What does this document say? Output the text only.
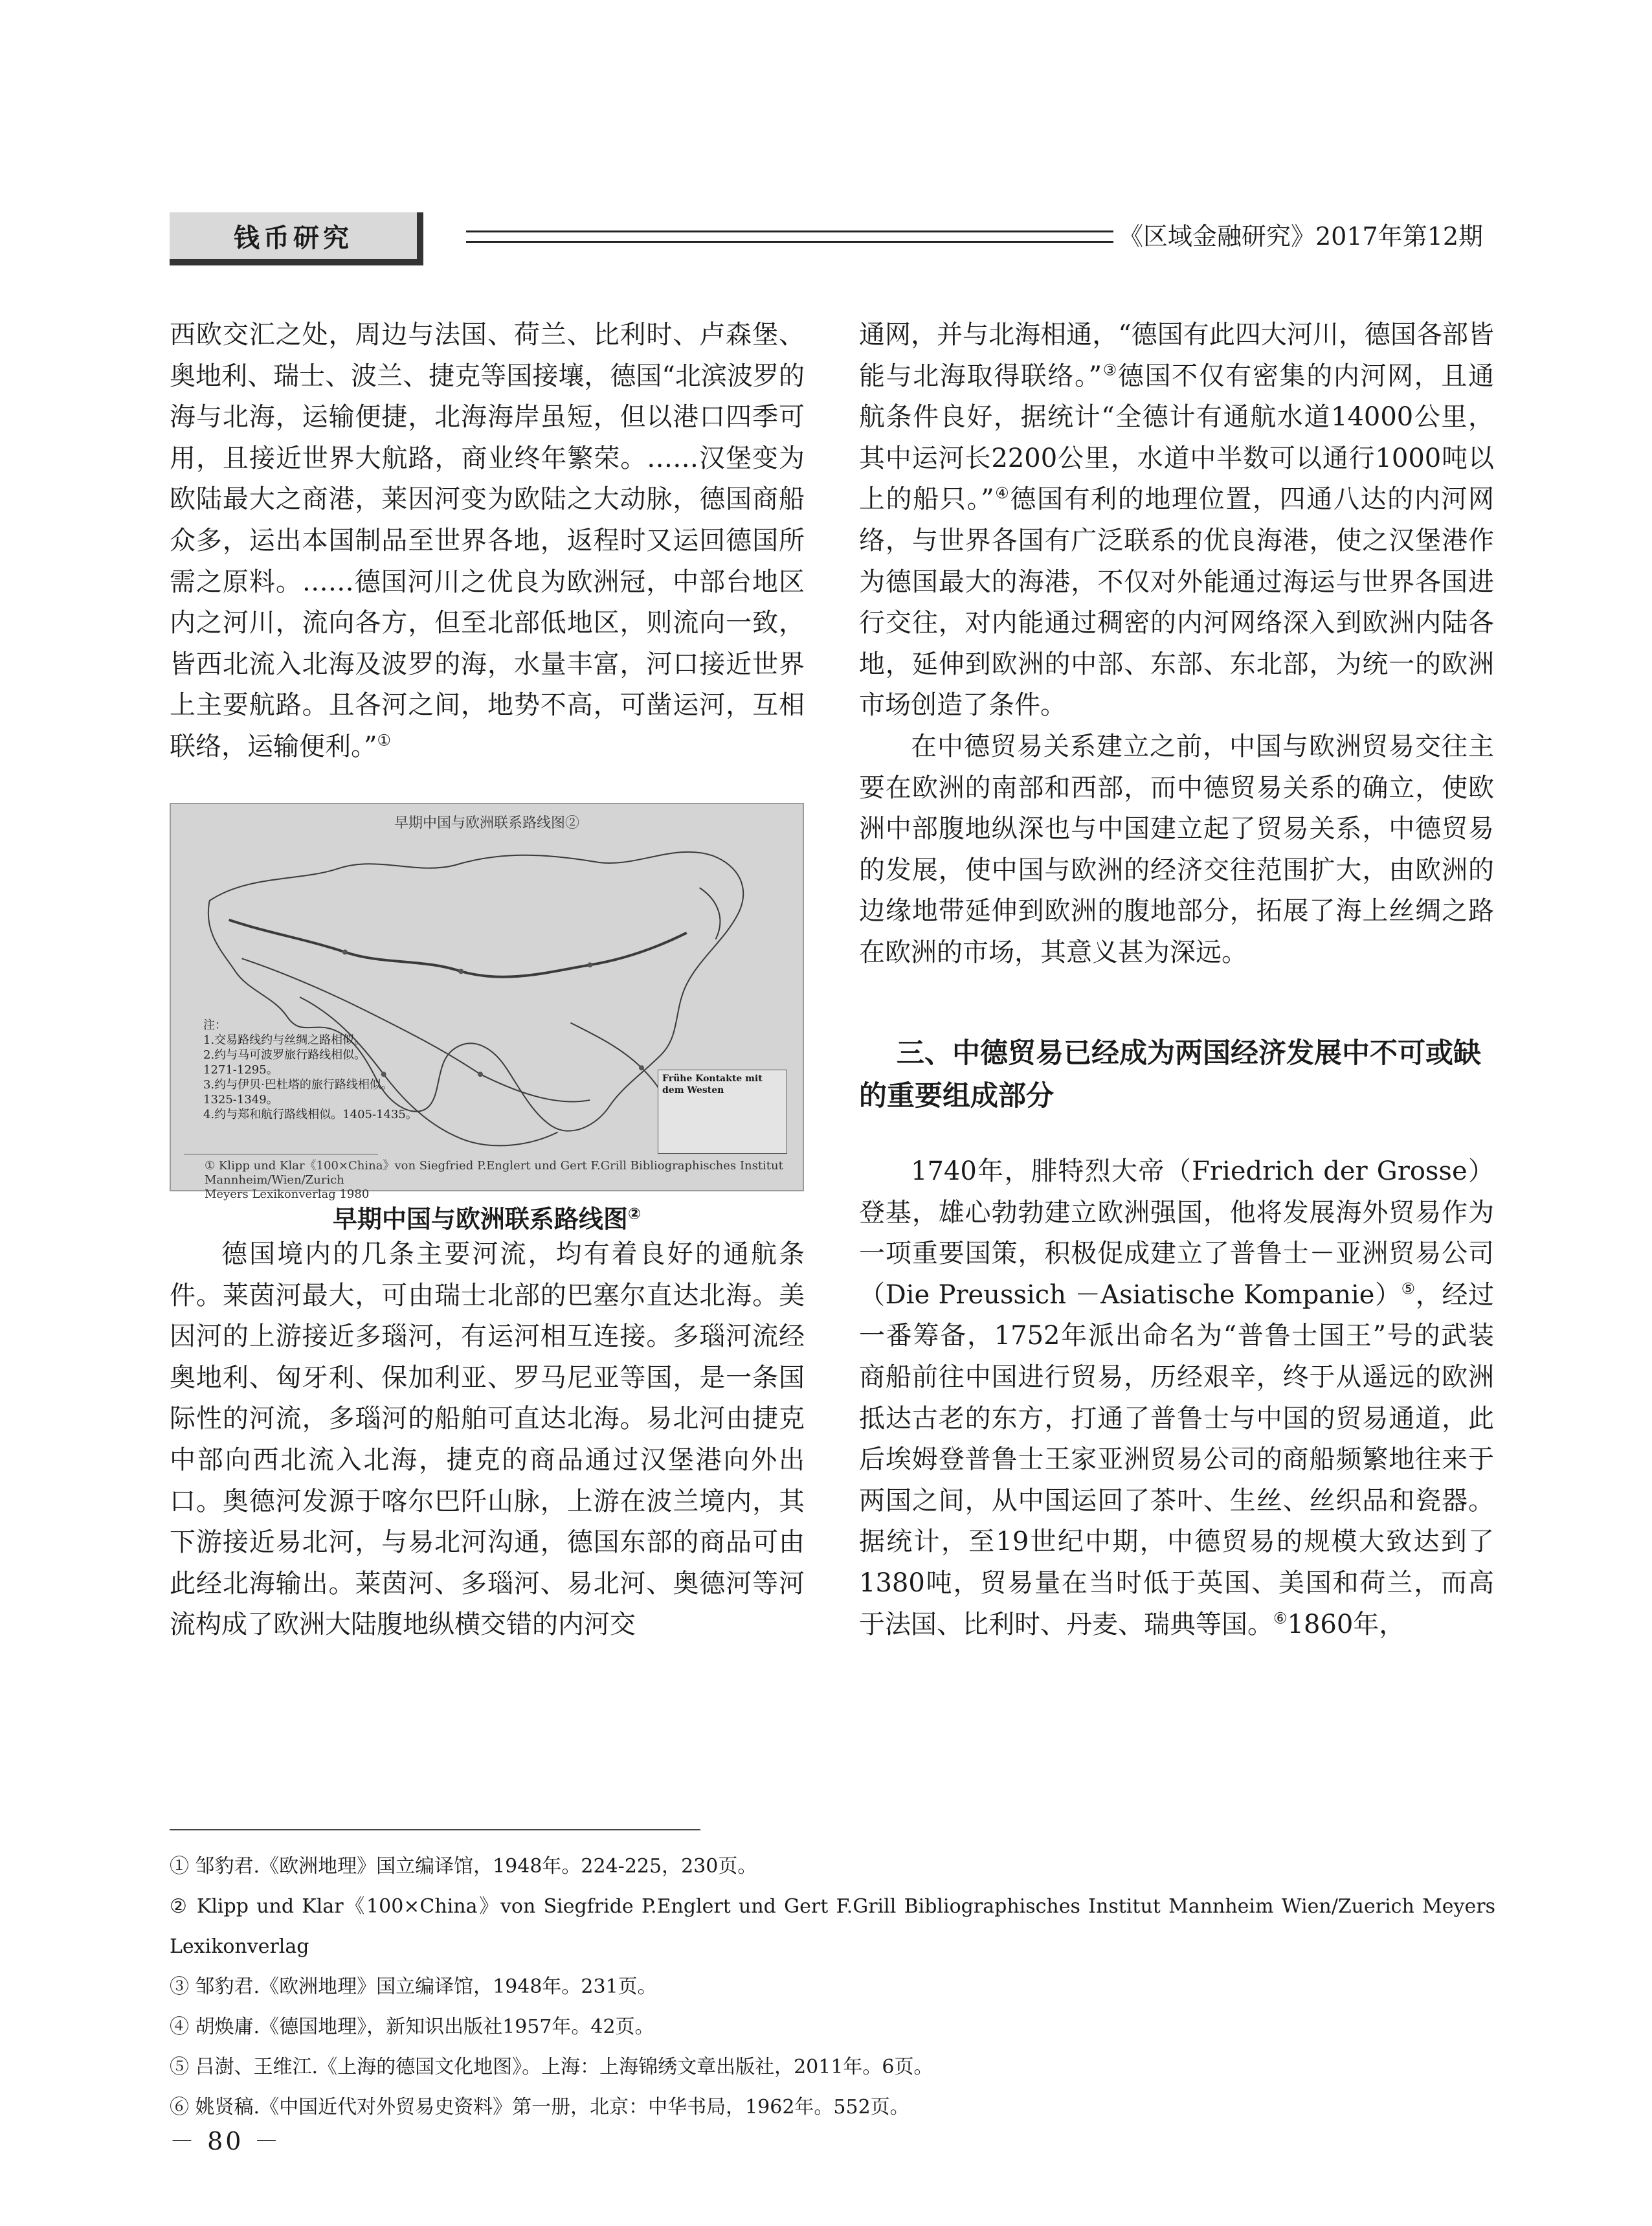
钱币研究	《区域金融研究》2017年第12期

西欧交汇之处，周边与法国、荷兰、比利时、卢森堡、奥地利、瑞士、波兰、捷克等国接壤，德国“北滨波罗的海与北海，运输便捷，北海海岸虽短，但以港口四季可用，且接近世界大航路，商业终年繁荣。……汉堡变为欧陆最大之商港，莱因河变为欧陆之大动脉，德国商船众多，运出本国制品至世界各地，返程时又运回德国所需之原料。……德国河川之优良为欧洲冠，中部台地区内之河川，流向各方，但至北部低地区，则流向一致，皆西北流入北海及波罗的海，水量丰富，河口接近世界上主要航路。且各河之间，地势不高，可凿运河，互相联络，运输便利。”①

早期中国与欧洲联系路线图②
注：
1.交易路线约与丝绸之路相似。
2.约与马可波罗旅行路线相似。
1271-1295。
3.约与伊贝·巴杜塔的旅行路线相似。
1325-1349。
4.约与郑和航行路线相似。1405-1435。
Frühe Kontakte mit dem Westen
① Klipp und Klar《100×China》von Siegfried P.Englert und Gert F.Grill Bibliographisches Institut Mannheim/Wien/Zurich
Meyers Lexikonverlag 1980
早期中国与欧洲联系路线图②

德国境内的几条主要河流，均有着良好的通航条件。莱茵河最大，可由瑞士北部的巴塞尔直达北海。美因河的上游接近多瑙河，有运河相互连接。多瑙河流经奥地利、匈牙利、保加利亚、罗马尼亚等国，是一条国际性的河流，多瑙河的船舶可直达北海。易北河由捷克中部向西北流入北海，捷克的商品通过汉堡港向外出口。奥德河发源于喀尔巴阡山脉，上游在波兰境内，其下游接近易北河，与易北河沟通，德国东部的商品可由此经北海输出。莱茵河、多瑙河、易北河、奥德河等河流构成了欧洲大陆腹地纵横交错的内河交

通网，并与北海相通，“德国有此四大河川，德国各部皆能与北海取得联络。”③德国不仅有密集的内河网，且通航条件良好，据统计“全德计有通航水道14000公里，其中运河长2200公里，水道中半数可以通行1000吨以上的船只。”④德国有利的地理位置，四通八达的内河网络，与世界各国有广泛联系的优良海港，使之汉堡港作为德国最大的海港，不仅对外能通过海运与世界各国进行交往，对内能通过稠密的内河网络深入到欧洲内陆各地，延伸到欧洲的中部、东部、东北部，为统一的欧洲市场创造了条件。

在中德贸易关系建立之前，中国与欧洲贸易交往主要在欧洲的南部和西部，而中德贸易关系的确立，使欧洲中部腹地纵深也与中国建立起了贸易关系，中德贸易的发展，使中国与欧洲的经济交往范围扩大，由欧洲的边缘地带延伸到欧洲的腹地部分，拓展了海上丝绸之路在欧洲的市场，其意义甚为深远。

三、中德贸易已经成为两国经济发展中不可或缺的重要组成部分

1740年，腓特烈大帝（Friedrich der Grosse）登基，雄心勃勃建立欧洲强国，他将发展海外贸易作为一项重要国策，积极促成建立了普鲁士－亚洲贸易公司（Die Preussich －Asiatische Kompanie）⑤，经过一番筹备，1752年派出命名为“普鲁士国王”号的武装商船前往中国进行贸易，历经艰辛，终于从遥远的欧洲抵达古老的东方，打通了普鲁士与中国的贸易通道，此后埃姆登普鲁士王家亚洲贸易公司的商船频繁地往来于两国之间，从中国运回了茶叶、生丝、丝织品和瓷器。据统计，至19世纪中期，中德贸易的规模大致达到了1380吨，贸易量在当时低于英国、美国和荷兰，而高于法国、比利时、丹麦、瑞典等国。⑥1860年，

① 邹豹君.《欧洲地理》国立编译馆，1948年。224-225，230页。
② Klipp und Klar《100×China》von Siegfride P.Englert und Gert F.Grill Bibliographisches Institut Mannheim Wien/Zuerich Meyers Lexikonverlag
③ 邹豹君.《欧洲地理》国立编译馆，1948年。231页。
④ 胡焕庸.《德国地理》，新知识出版社1957年。42页。
⑤ 吕澍、王维江.《上海的德国文化地图》。上海：上海锦绣文章出版社，2011年。6页。
⑥ 姚贤稿.《中国近代对外贸易史资料》第一册，北京：中华书局，1962年。552页。
－ 80 －
